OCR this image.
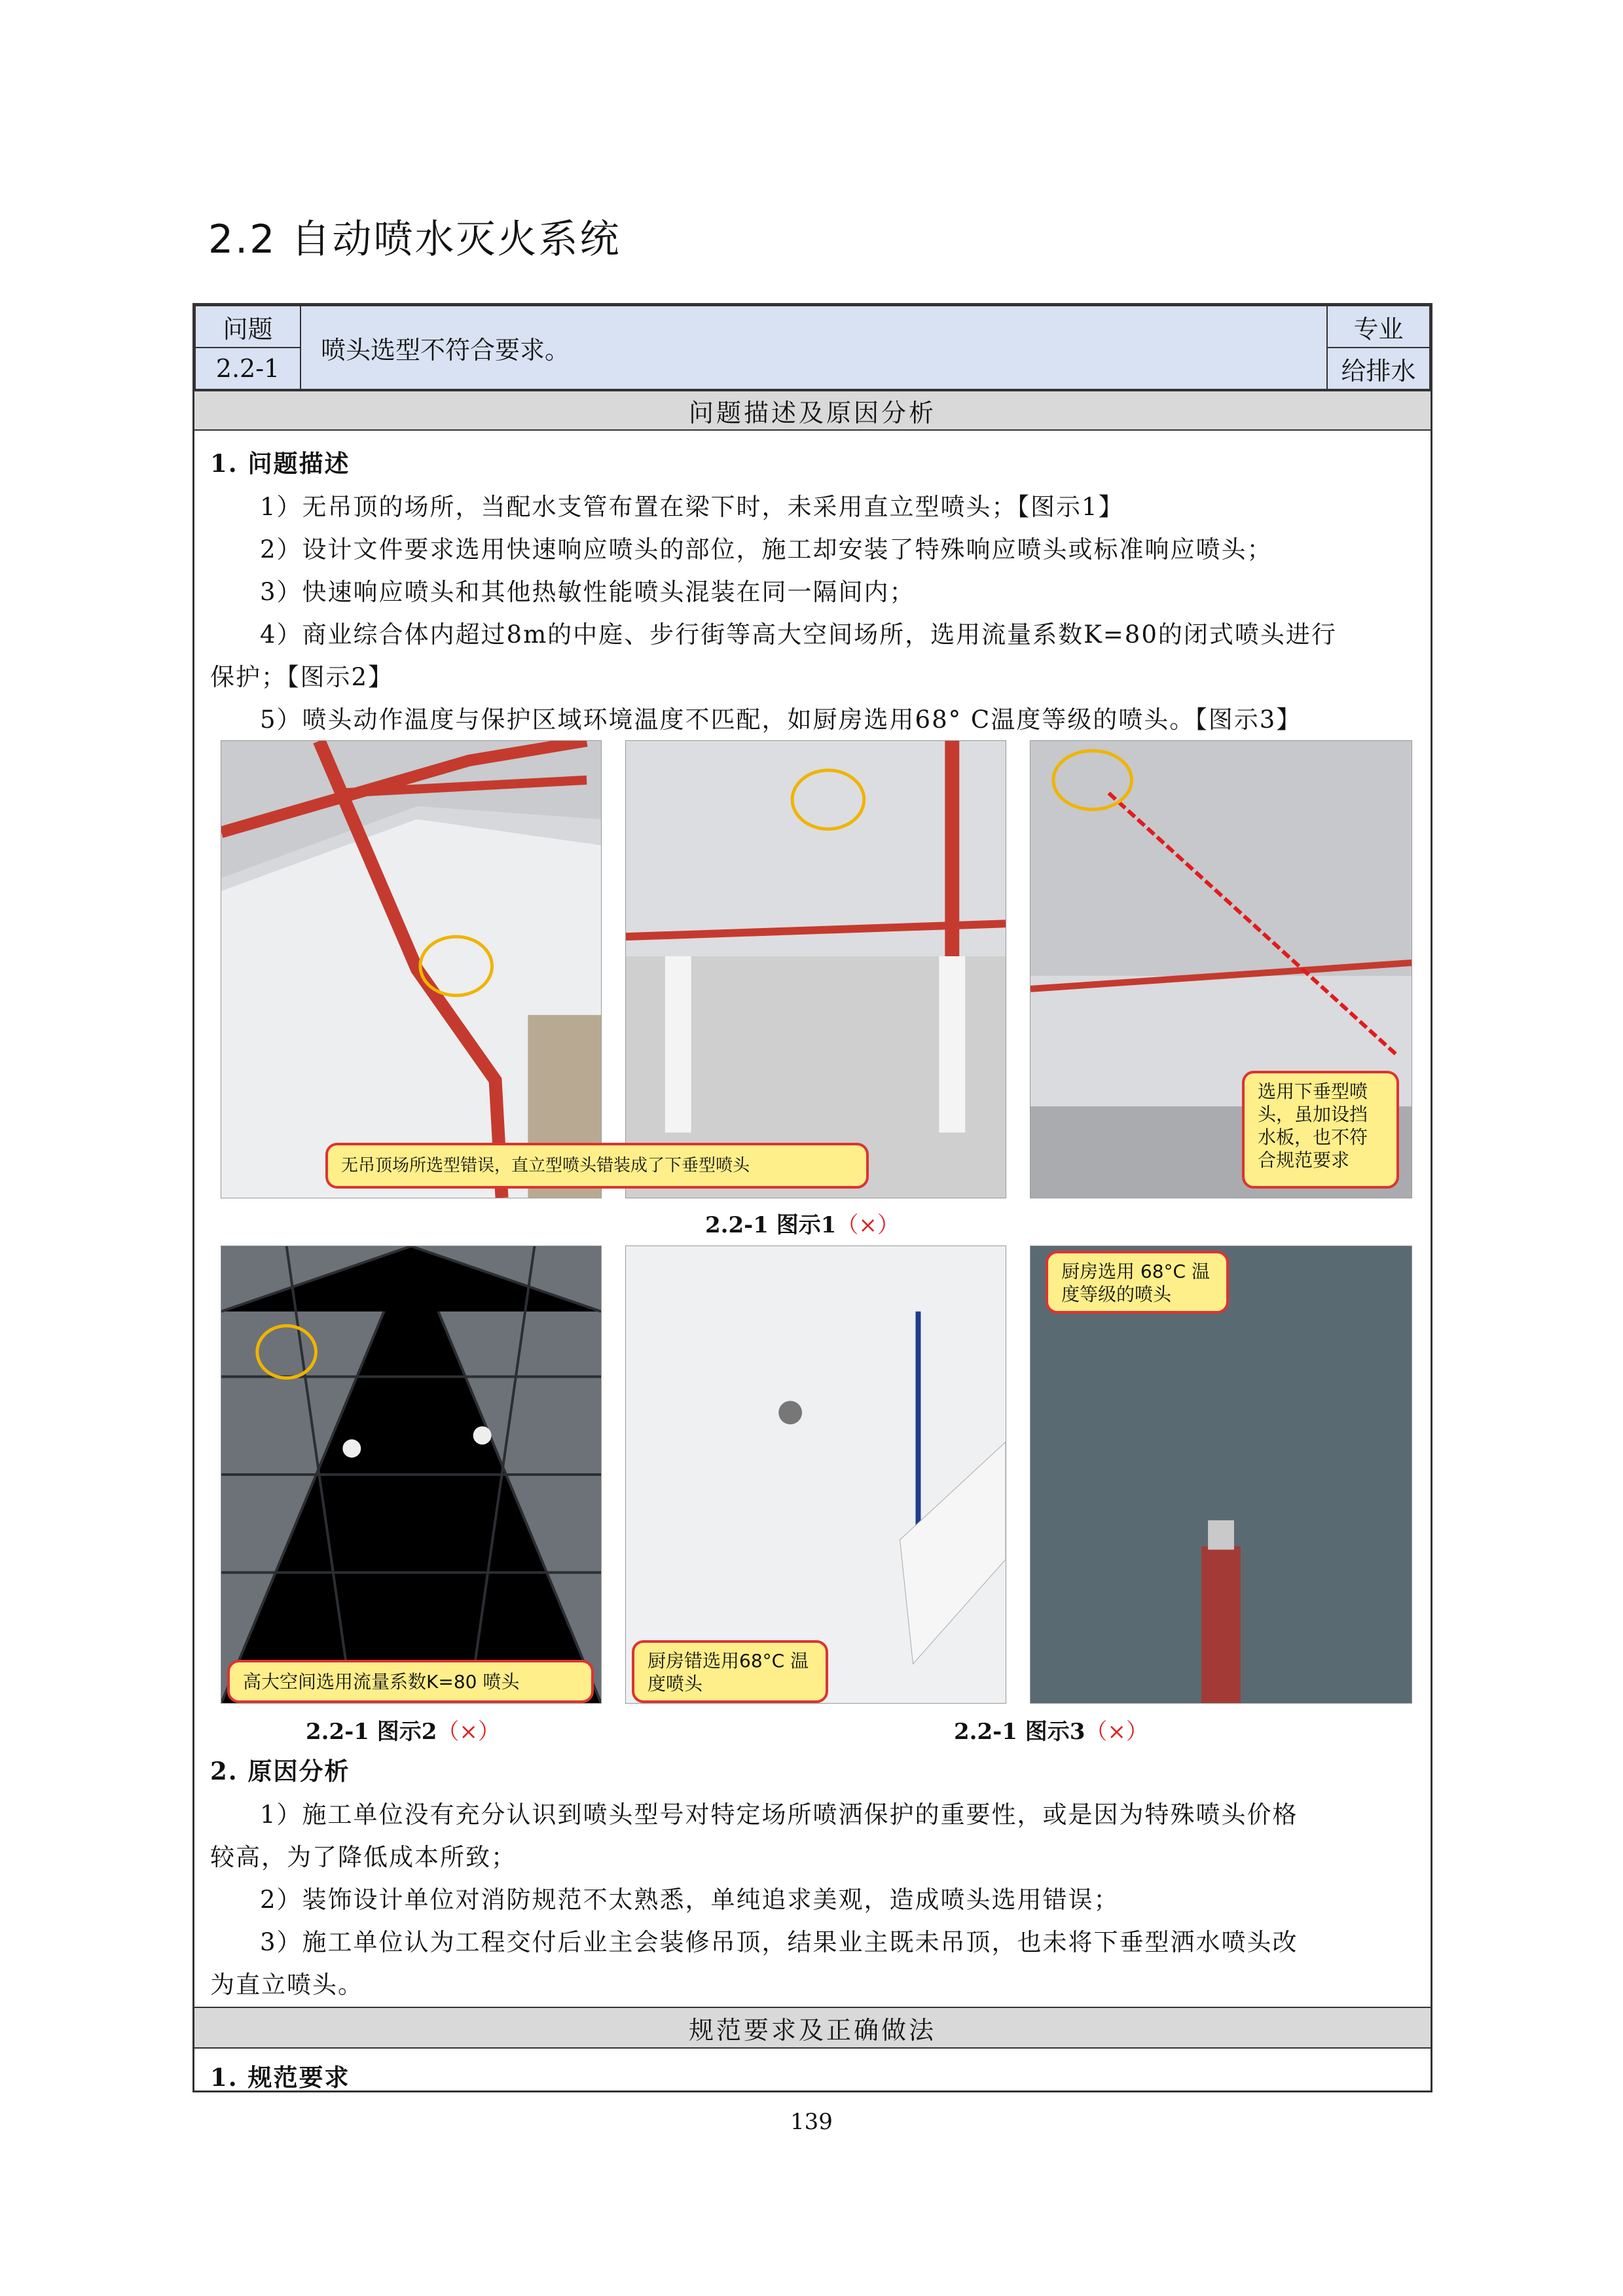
2.2 自动喷水灭火系统
问题
2.2-1
喷头选型不符合要求。
专业
给排水
问题描述及原因分析
1. 问题描述
1）无吊顶的场所，当配水支管布置在梁下时，未采用直立型喷头；【图示1】
2）设计文件要求选用快速响应喷头的部位，施工却安装了特殊响应喷头或标准响应喷头；
3）快速响应喷头和其他热敏性能喷头混装在同一隔间内；
4）商业综合体内超过8m的中庭、步行街等高大空间场所，选用流量系数K=80的闭式喷头进行
保护；【图示2】
5）喷头动作温度与保护区域环境温度不匹配，如厨房选用68° C温度等级的喷头。【图示3】
无吊顶场所选型错误，直立型喷头错装成了下垂型喷头
选用下垂型喷头，虽加设挡水板，也不符合规范要求
2.2-1 图示1（×）
高大空间选用流量系数K=80 喷头
厨房错选用68°C 温度喷头
厨房选用 68°C 温度等级的喷头
2.2-1 图示2（×）	2.2-1 图示3（×）
2. 原因分析
1）施工单位没有充分认识到喷头型号对特定场所喷洒保护的重要性，或是因为特殊喷头价格
较高，为了降低成本所致；
2）装饰设计单位对消防规范不太熟悉，单纯追求美观，造成喷头选用错误；
3）施工单位认为工程交付后业主会装修吊顶，结果业主既未吊顶，也未将下垂型洒水喷头改
为直立喷头。
规范要求及正确做法
1. 规范要求
139
